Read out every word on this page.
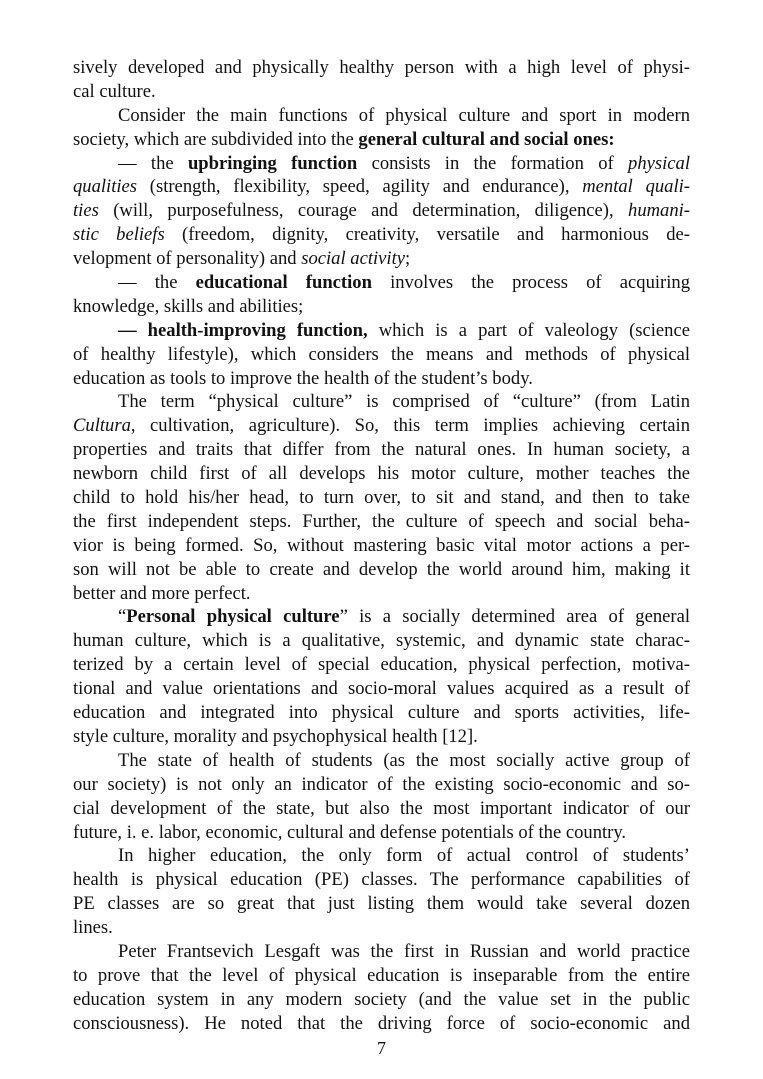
sively developed and physically healthy person with a high level of physi-
cal culture.
Consider the main functions of physical culture and sport in modern
society, which are subdivided into the general cultural and social ones:
— the upbringing function consists in the formation of physical
qualities (strength, flexibility, speed, agility and endurance), mental quali-
ties (will, purposefulness, courage and determination, diligence), humani-
stic beliefs (freedom, dignity, creativity, versatile and harmonious de-
velopment of personality) and social activity;
— the educational function involves the process of acquiring
knowledge, skills and abilities;
— health-improving function, which is a part of valeology (science
of healthy lifestyle), which considers the means and methods of physical
education as tools to improve the health of the student’s body.
The term “physical culture” is comprised of “culture” (from Latin
Cultura, cultivation, agriculture). So, this term implies achieving certain
properties and traits that differ from the natural ones. In human society, a
newborn child first of all develops his motor culture, mother teaches the
child to hold his/her head, to turn over, to sit and stand, and then to take
the first independent steps. Further, the culture of speech and social beha-
vior is being formed. So, without mastering basic vital motor actions a per-
son will not be able to create and develop the world around him, making it
better and more perfect.
“Personal physical culture” is a socially determined area of general
human culture, which is a qualitative, systemic, and dynamic state charac-
terized by a certain level of special education, physical perfection, motiva-
tional and value orientations and socio-moral values acquired as a result of
education and integrated into physical culture and sports activities, life-
style culture, morality and psychophysical health [12].
The state of health of students (as the most socially active group of
our society) is not only an indicator of the existing socio-economic and so-
cial development of the state, but also the most important indicator of our
future, i. e. labor, economic, cultural and defense potentials of the country.
In higher education, the only form of actual control of students’
health is physical education (PE) classes. The performance capabilities of
PE classes are so great that just listing them would take several dozen
lines.
Peter Frantsevich Lesgaft was the first in Russian and world practice
to prove that the level of physical education is inseparable from the entire
education system in any modern society (and the value set in the public
consciousness). He noted that the driving force of socio-economic and
7
